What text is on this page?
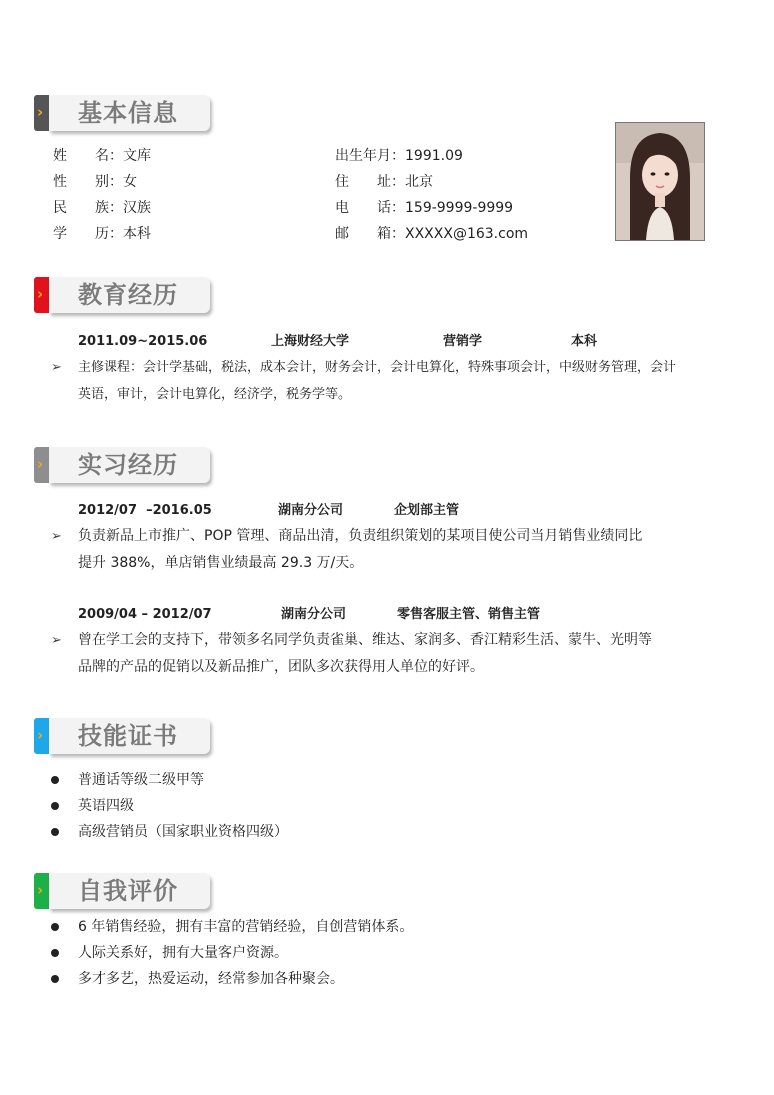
› 基本信息
姓　　名：文库
性　　别：女
民　　族：汉族
学　　历：本科
出生年月：1991.09
住　　址：北京
电　　话：159-9999-9999
邮　　箱：XXXXX@163.com
› 教育经历
2011.09~2015.06	上海财经大学	营销学	本科
➢ 主修课程：会计学基础，税法，成本会计，财务会计，会计电算化，特殊事项会计，中级财务管理，会计
英语，审计，会计电算化，经济学，税务学等。
› 实习经历
2012/07  –2016.05	湖南分公司	企划部主管
➢ 负责新品上市推广、POP 管理、商品出清，负责组织策划的某项目使公司当月销售业绩同比
提升 388%，单店销售业绩最高 29.3 万/天。
2009/04 – 2012/07	湖南分公司	零售客服主管、销售主管
➢ 曾在学工会的支持下，带领多名同学负责雀巢、维达、家润多、香江精彩生活、蒙牛、光明等
品牌的产品的促销以及新品推广，团队多次获得用人单位的好评。
› 技能证书
普通话等级二级甲等
英语四级
高级营销员（国家职业资格四级）
› 自我评价
6 年销售经验，拥有丰富的营销经验，自创营销体系。
人际关系好，拥有大量客户资源。
多才多艺，热爱运动，经常参加各种聚会。
